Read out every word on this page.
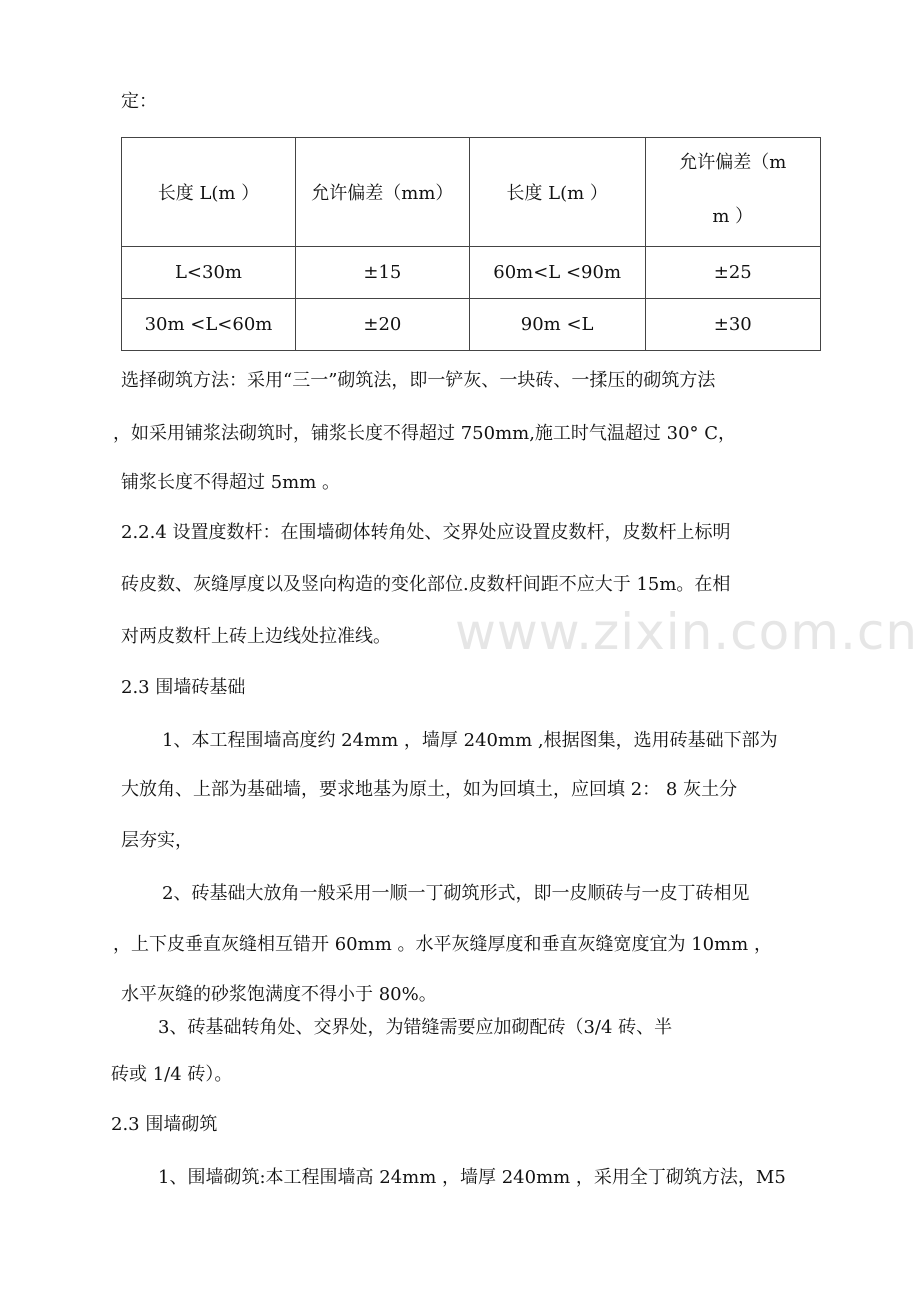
www.zixin.com.cn
定：
长度 L(m ）	允许偏差（mm）	长度 L(m ）	允许偏差（m
m ）

L<30m	±15	60m<L <90m	±25
30m <L<60m	±20	90m <L	±30
选择砌筑方法：采用“三一”砌筑法，即一铲灰、一块砖、一揉压的砌筑方法
，如采用铺浆法砌筑时，铺浆长度不得超过 750mm,施工时气温超过 30° C，
铺浆长度不得超过 5mm 。
2.2.4 设置度数杆：在围墙砌体转角处、交界处应设置皮数杆，皮数杆上标明
砖皮数、灰缝厚度以及竖向构造的变化部位.皮数杆间距不应大于 15m。在相
对两皮数杆上砖上边线处拉准线。
2.3 围墙砖基础
1、本工程围墙高度约 24mm ，墙厚 240mm ,根据图集，选用砖基础下部为
大放角、上部为基础墙，要求地基为原土，如为回填土，应回填 2： 8 灰土分
层夯实，
2、砖基础大放角一般采用一顺一丁砌筑形式，即一皮顺砖与一皮丁砖相见
，上下皮垂直灰缝相互错开 60mm 。水平灰缝厚度和垂直灰缝宽度宜为 10mm ，
水平灰缝的砂浆饱满度不得小于 80%。
3、砖基础转角处、交界处，为错缝需要应加砌配砖（3/4 砖、半
砖或 1/4 砖）。
2.3 围墙砌筑
1、围墙砌筑:本工程围墙高 24mm ，墙厚 240mm ，采用全丁砌筑方法，M5
